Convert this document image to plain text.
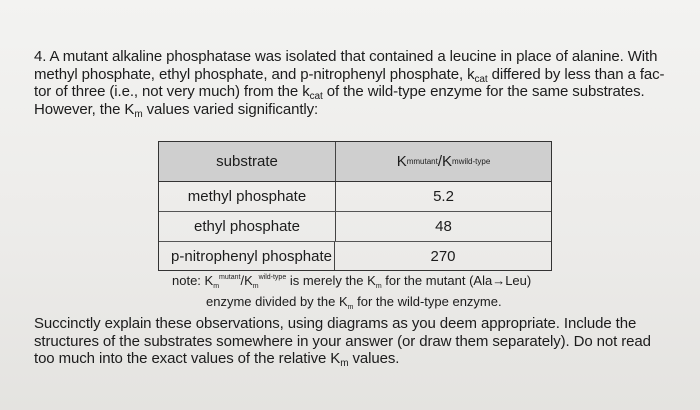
4. A mutant alkaline phosphatase was isolated that contained a leucine in place of alanine. With
methyl phosphate, ethyl phosphate, and p-nitrophenyl phosphate, $k_{cat}$ differed by less than a fac-
tor of three (i.e., not very much) from the $k_{cat}$ of the wild-type enzyme for the same substrates.
However, the $K_m$ values varied significantly:
substrate	K m mutant /K m wild-type
methyl phosphate	5.2
ethyl phosphate	48
p-nitrophenyl phosphate	270
note: $K_m^{mutant}/K_m^{wild-type}$ is merely the $K_m$ for the mutant (Ala→Leu)
enzyme divided by the $K_m$ for the wild-type enzyme.
Succinctly explain these observations, using diagrams as you deem appropriate. Include the
structures of the substrates somewhere in your answer (or draw them separately). Do not read
too much into the exact values of the relative $K_m$ values.
